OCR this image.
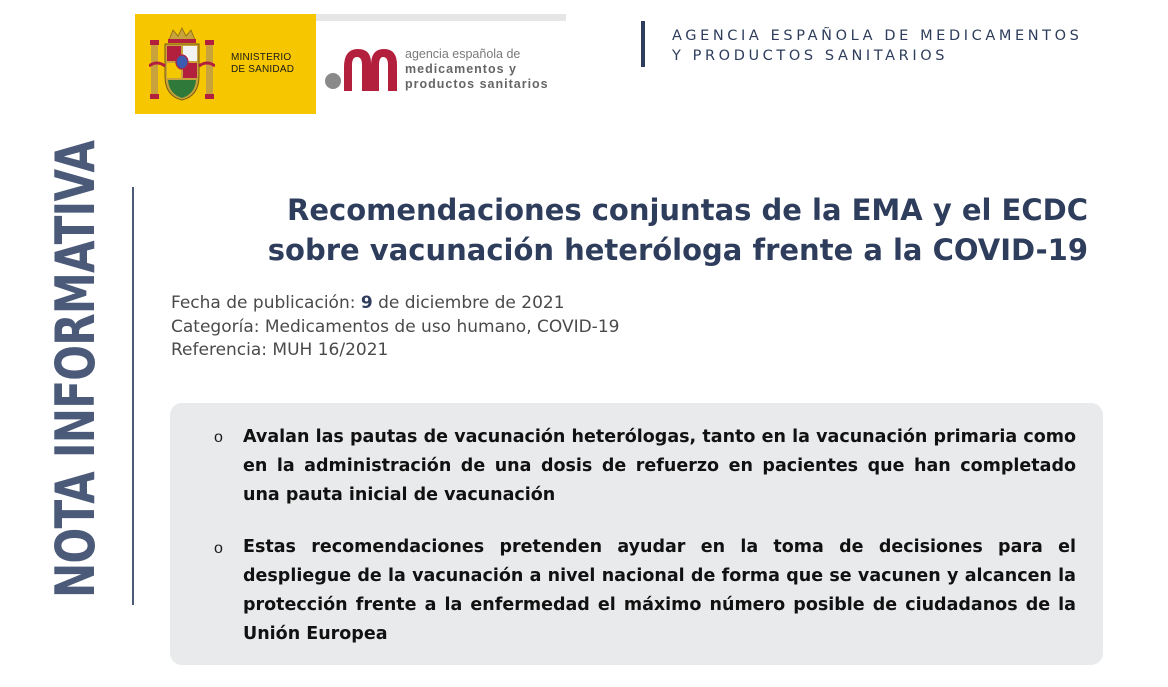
MINISTERIO
DE SANIDAD
agencia española de
medicamentos y
productos sanitarios
AGENCIA ESPAÑOLA DE MEDICAMENTOS
Y PRODUCTOS SANITARIOS
NOTA INFORMATIVA	Recomendaciones conjuntas de la EMA y el ECDC
sobre vacunación heteróloga frente a la COVID-19
Fecha de publicación: 9 de diciembre de 2021
Categoría: Medicamentos de uso humano, COVID-19
Referencia: MUH 16/2021
o Avalan las pautas de vacunación heterólogas, tanto en la vacunación primaria como en la administración de una dosis de refuerzo en pacientes que han completado una pauta inicial de vacunación
o Estas recomendaciones pretenden ayudar en la toma de decisiones para el despliegue de la vacunación a nivel nacional de forma que se vacunen y alcancen la protección frente a la enfermedad el máximo número posible de ciudadanos de la Unión Europea
